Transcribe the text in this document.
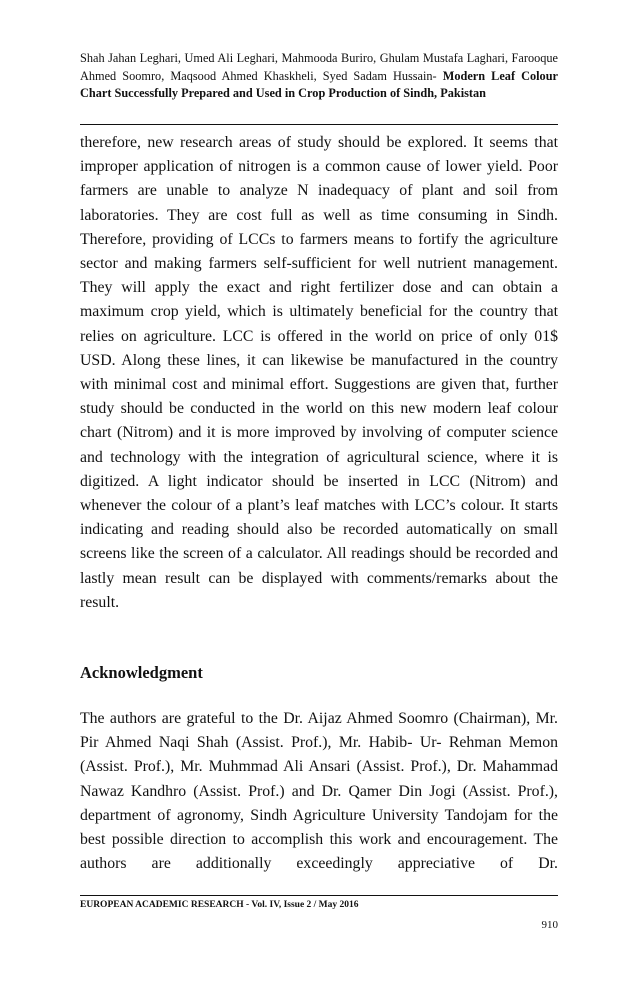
Shah Jahan Leghari, Umed Ali Leghari, Mahmooda Buriro, Ghulam Mustafa Laghari, Farooque Ahmed Soomro, Maqsood Ahmed Khaskheli, Syed Sadam Hussain- Modern Leaf Colour Chart Successfully Prepared and Used in Crop Production of Sindh, Pakistan

therefore, new research areas of study should be explored. It seems that improper application of nitrogen is a common cause of lower yield. Poor farmers are unable to analyze N inadequacy of plant and soil from laboratories. They are cost full as well as time consuming in Sindh. Therefore, providing of LCCs to farmers means to fortify the agriculture sector and making farmers self-sufficient for well nutrient management. They will apply the exact and right fertilizer dose and can obtain a maximum crop yield, which is ultimately beneficial for the country that relies on agriculture. LCC is offered in the world on price of only 01$ USD. Along these lines, it can likewise be manufactured in the country with minimal cost and minimal effort. Suggestions are given that, further study should be conducted in the world on this new modern leaf colour chart (Nitrom) and it is more improved by involving of computer science and technology with the integration of agricultural science, where it is digitized. A light indicator should be inserted in LCC (Nitrom) and whenever the colour of a plant’s leaf matches with LCC’s colour. It starts indicating and reading should also be recorded automatically on small screens like the screen of a calculator. All readings should be recorded and lastly mean result can be displayed with comments/remarks about the result.

Acknowledgment

The authors are grateful to the Dr. Aijaz Ahmed Soomro (Chairman), Mr. Pir Ahmed Naqi Shah (Assist. Prof.), Mr. Habib- Ur- Rehman Memon (Assist. Prof.), Mr. Muhmmad Ali Ansari (Assist. Prof.), Dr. Mahammad Nawaz Kandhro (Assist. Prof.) and Dr. Qamer Din Jogi (Assist. Prof.), department of agronomy, Sindh Agriculture University Tandojam for the best possible direction to accomplish this work and encouragement. The authors are additionally exceedingly appreciative of Dr.

EUROPEAN ACADEMIC RESEARCH - Vol. IV, Issue 2 / May 2016
910
